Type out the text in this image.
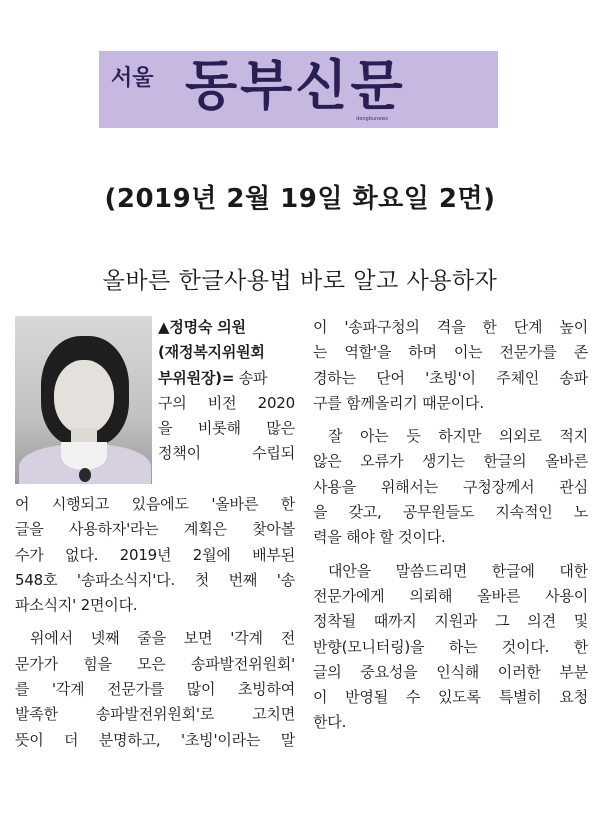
서울 동부신문
dongbunews
(2019년 2월 19일 화요일 2면)
올바른 한글사용법 바로 알고 사용하자
▲정명숙 의원
(재정복지위원회
부위원장)= 송파
구의 비전 2020
을 비롯해 많은
정책이 수립되
어 시행되고 있음에도 '올바른 한
글을 사용하자'라는 계획은 찾아볼
수가 없다. 2019년 2월에 배부된
548호 '송파소식지'다. 첫 번째 '송
파소식지' 2면이다.
위에서 넷째 줄을 보면 '각계 전
문가가 힘을 모은 송파발전위원회'
를 '각계 전문가를 많이 초빙하여
발족한 송파발전위원회'로 고치면
뜻이 더 분명하고, '초빙'이라는 말
이 '송파구청의 격을 한 단계 높이
는 역할'을 하며 이는 전문가를 존
경하는 단어 '초빙'이 주체인 송파
구를 함께올리기 때문이다.
잘 아는 듯 하지만 의외로 적지
않은 오류가 생기는 한글의 올바른
사용을 위해서는 구청장께서 관심
을 갖고, 공무원들도 지속적인 노
력을 해야 할 것이다.
대안을 말씀드리면 한글에 대한
전문가에게 의뢰해 올바른 사용이
정착될 때까지 지원과 그 의견 및
반향(모니터링)을 하는 것이다. 한
글의 중요성을 인식해 이러한 부분
이 반영될 수 있도록 특별히 요청
한다.
